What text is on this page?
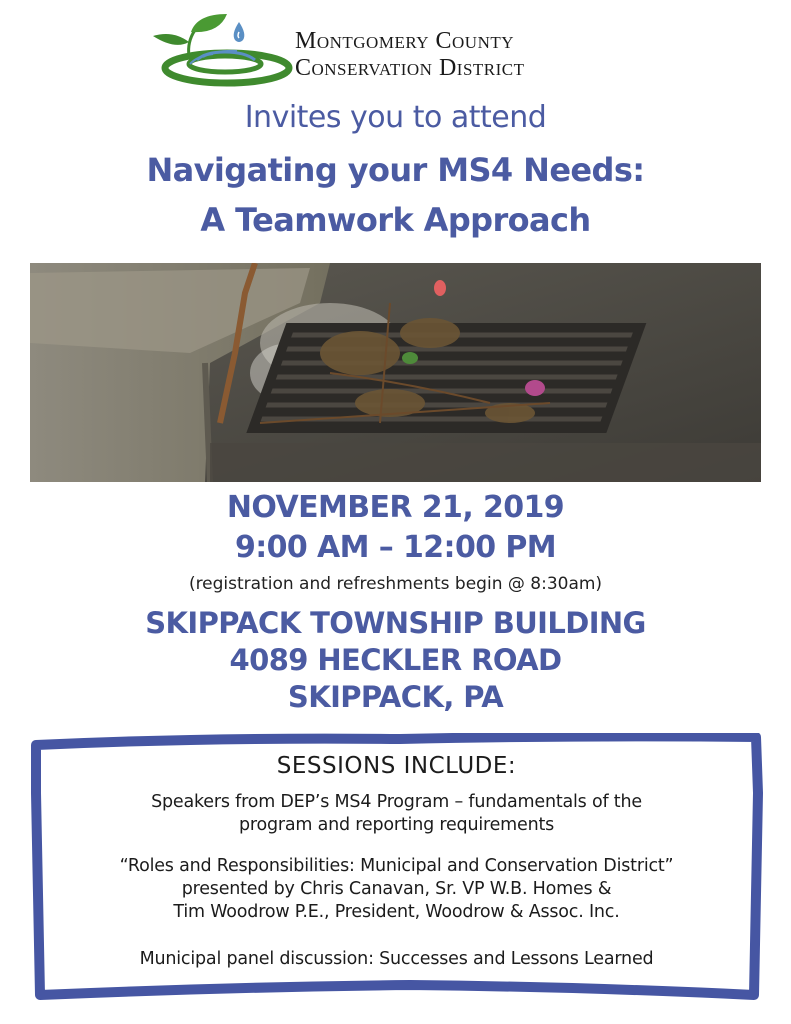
Montgomery County
Conservation District
Invites you to attend
Navigating your MS4 Needs:
A Teamwork Approach
NOVEMBER 21, 2019
9:00 AM – 12:00 PM
(registration and refreshments begin @ 8:30am)
SKIPPACK TOWNSHIP BUILDING
4089 HECKLER ROAD
SKIPPACK, PA
SESSIONS INCLUDE:
Speakers from DEP’s MS4 Program – fundamentals of the
program and reporting requirements
“Roles and Responsibilities: Municipal and Conservation District”
presented by Chris Canavan, Sr. VP W.B. Homes &
Tim Woodrow P.E., President, Woodrow & Assoc. Inc.
Municipal panel discussion: Successes and Lessons Learned
